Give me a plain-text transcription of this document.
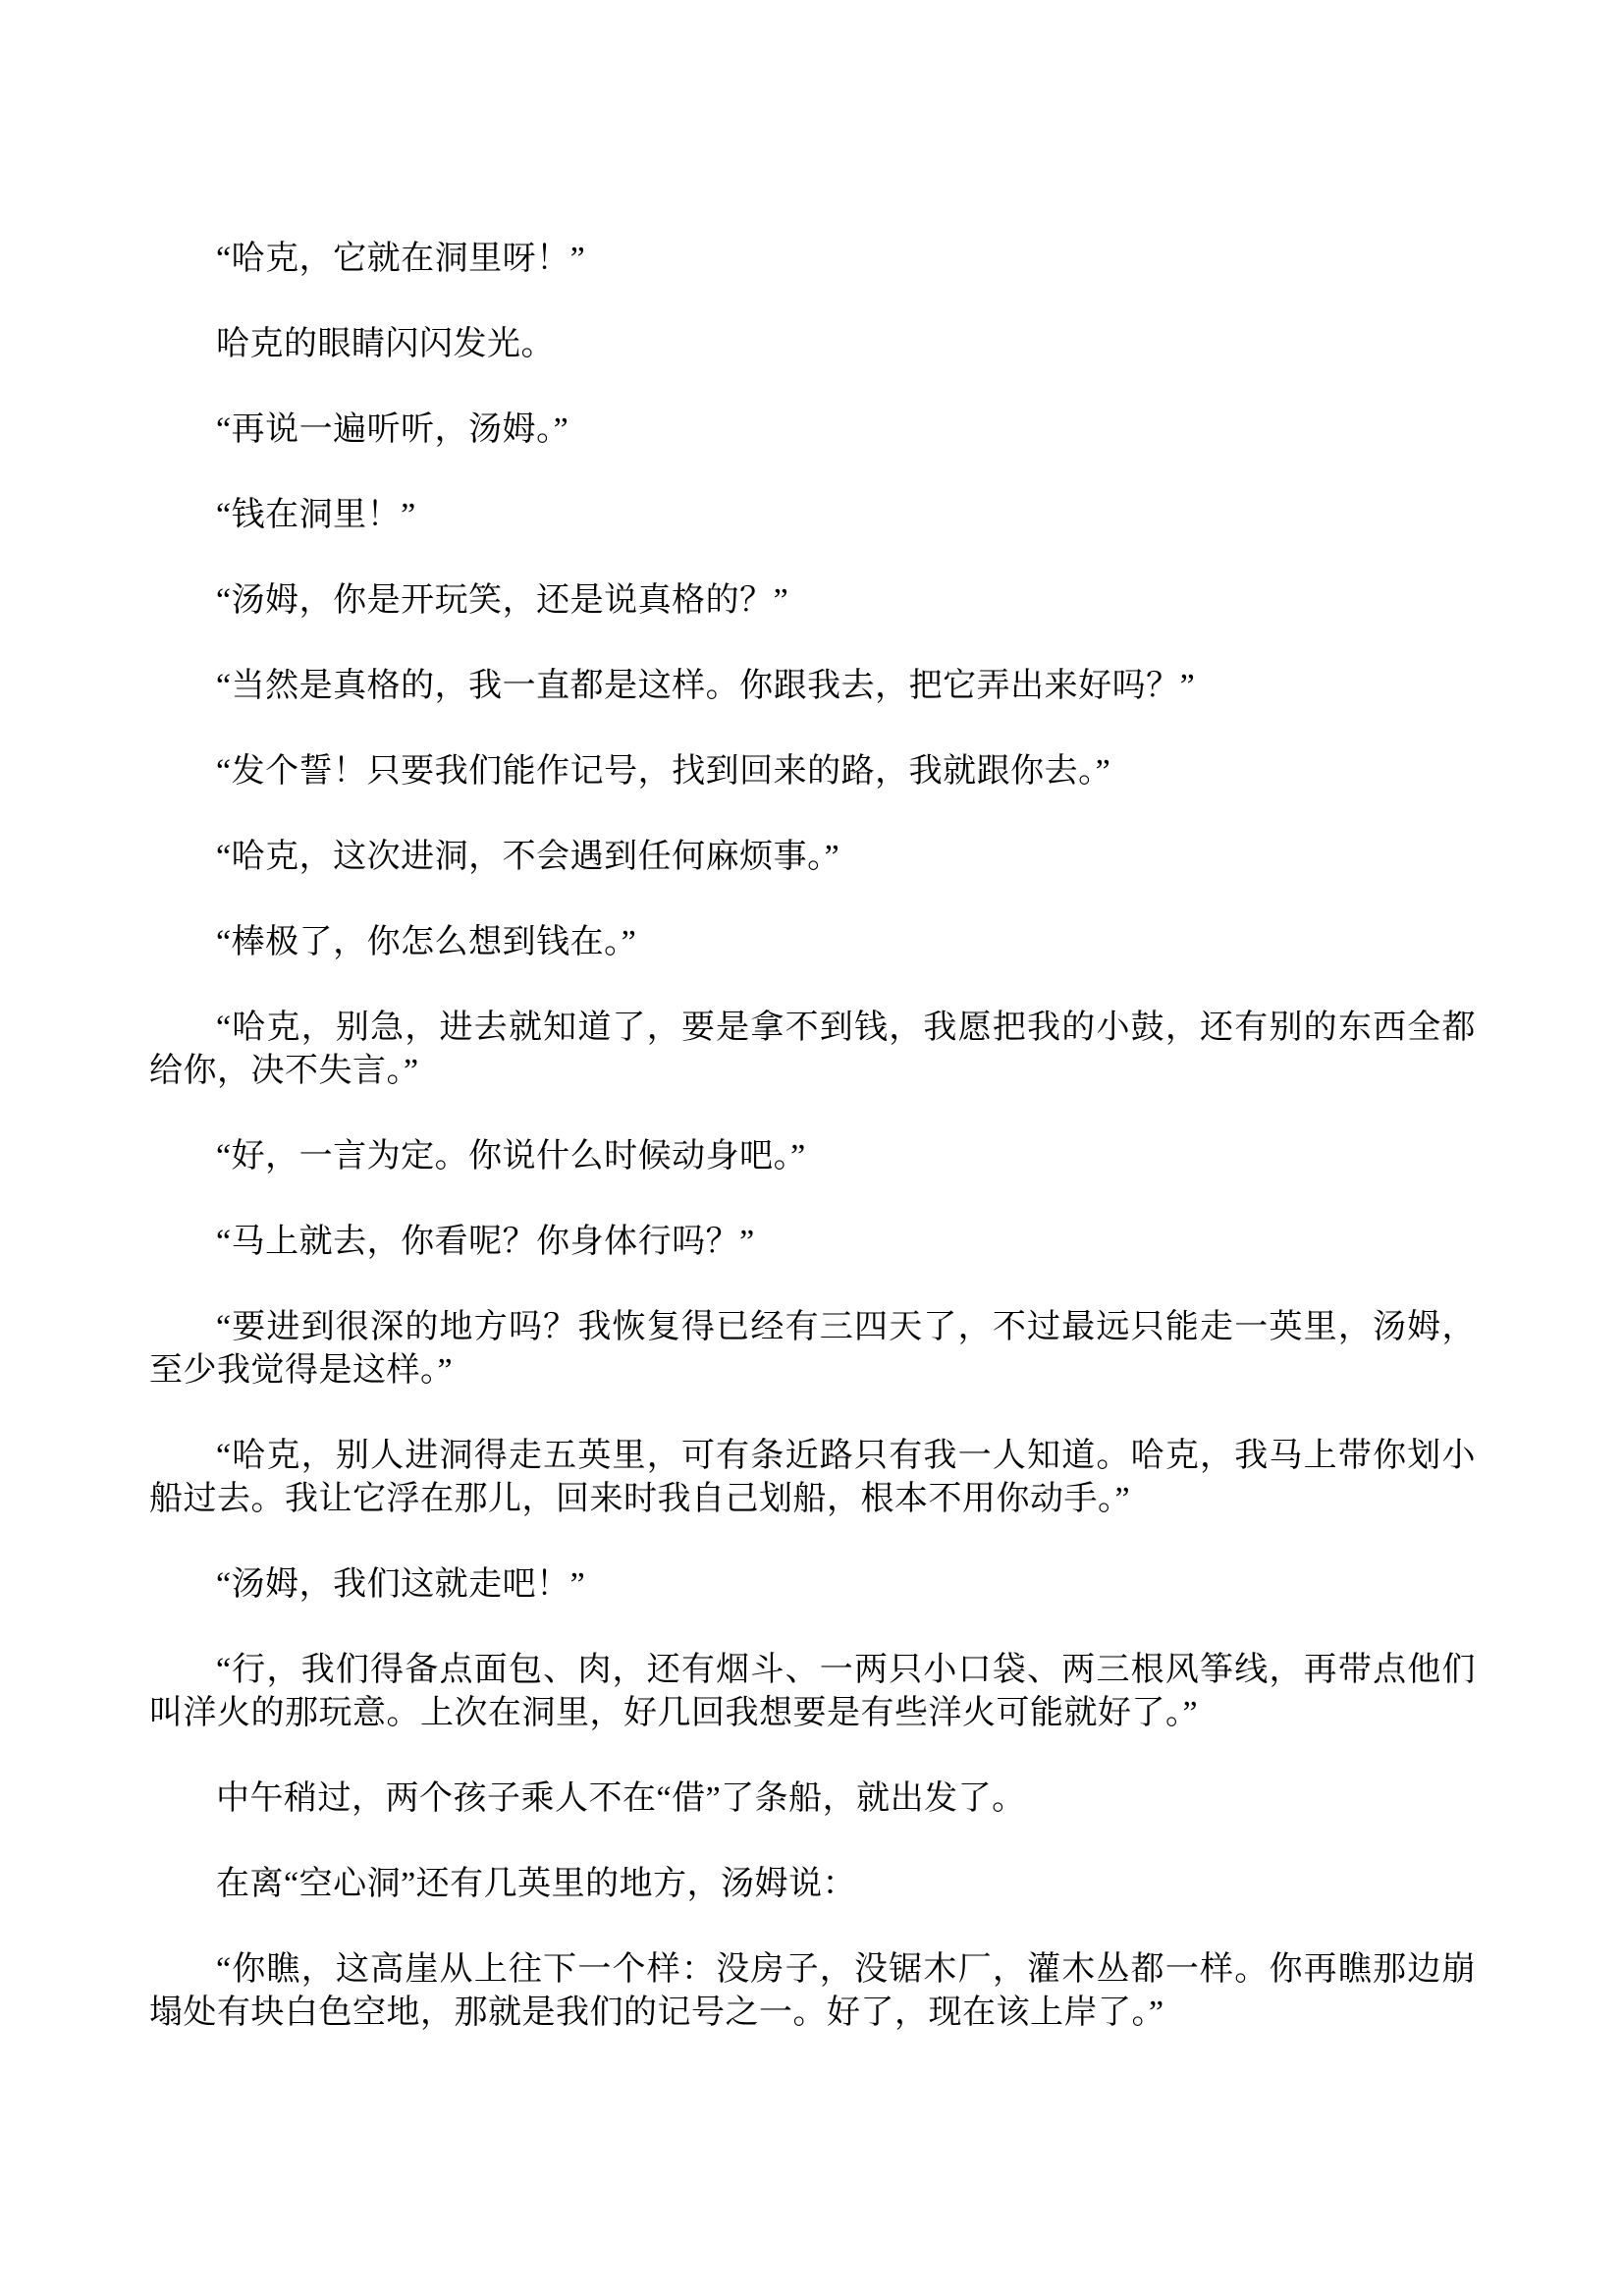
“哈克，它就在洞里呀！”

哈克的眼睛闪闪发光。

“再说一遍听听，汤姆。”

“钱在洞里！”

“汤姆，你是开玩笑，还是说真格的？”

“当然是真格的，我一直都是这样。你跟我去，把它弄出来好吗？”

“发个誓！只要我们能作记号，找到回来的路，我就跟你去。”

“哈克，这次进洞，不会遇到任何麻烦事。”

“棒极了，你怎么想到钱在。”

“哈克，别急，进去就知道了，要是拿不到钱，我愿把我的小鼓，还有别的东西全都给你，决不失言。”

“好，一言为定。你说什么时候动身吧。”

“马上就去，你看呢？你身体行吗？”

“要进到很深的地方吗？我恢复得已经有三四天了，不过最远只能走一英里，汤姆，至少我觉得是这样。”

“哈克，别人进洞得走五英里，可有条近路只有我一人知道。哈克，我马上带你划小船过去。我让它浮在那儿，回来时我自己划船，根本不用你动手。”

“汤姆，我们这就走吧！”

“行，我们得备点面包、肉，还有烟斗、一两只小口袋、两三根风筝线，再带点他们叫洋火的那玩意。上次在洞里，好几回我想要是有些洋火可能就好了。”

中午稍过，两个孩子乘人不在“借”了条船，就出发了。

在离“空心洞”还有几英里的地方，汤姆说：

“你瞧，这高崖从上往下一个样：没房子，没锯木厂，灌木丛都一样。你再瞧那边崩塌处有块白色空地，那就是我们的记号之一。好了，现在该上岸了。”
